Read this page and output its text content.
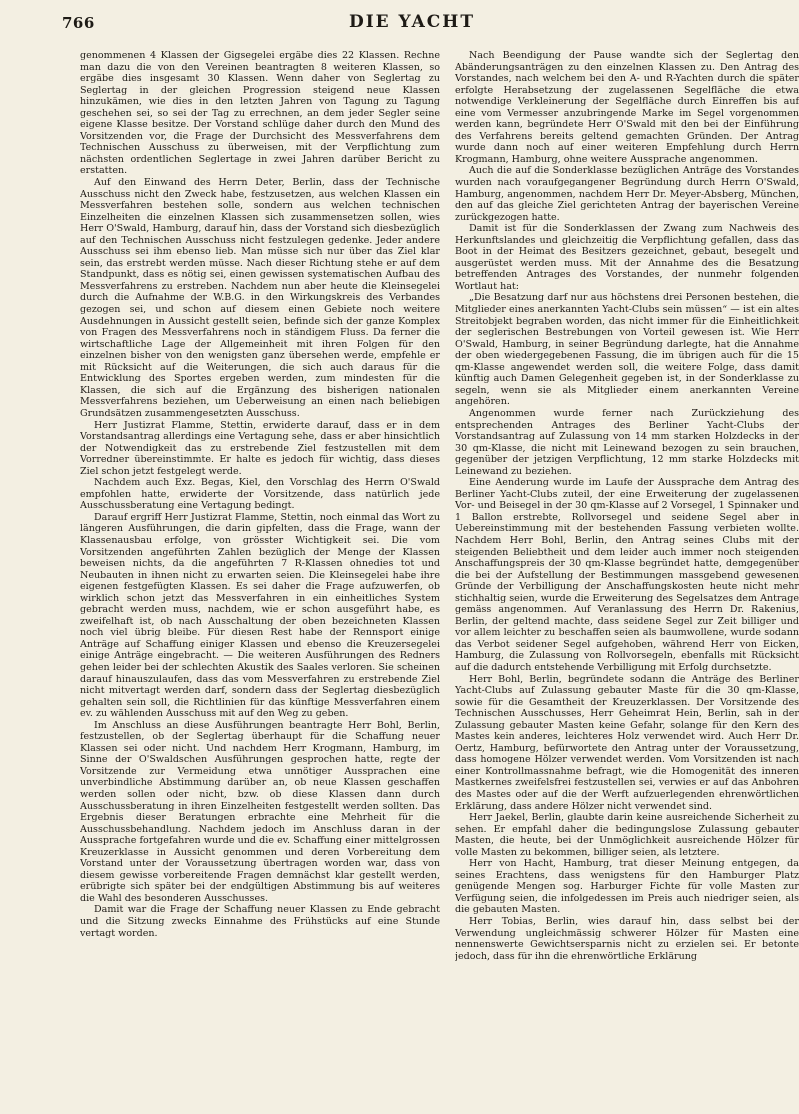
766	DIE YACHT

genommenen 4 Klassen der Gigsegelei ergäbe dies 22 Klassen. Rechne man dazu die von den Vereinen beantragten 8 weiteren Klassen, so ergäbe dies insgesamt 30 Klassen. Wenn daher von Seglertag zu Seglertag in der gleichen Progression steigend neue Klassen hinzukämen, wie dies in den letzten Jahren von Tagung zu Tagung geschehen sei, so sei der Tag zu errechnen, an dem jeder Segler seine eigene Klasse besitze. Der Vorstand schlüge daher durch den Mund des Vorsitzenden vor, die Frage der Durchsicht des Messverfahrens dem Technischen Ausschuss zu überweisen, mit der Verpflichtung zum nächsten ordentlichen Seglertage in zwei Jahren darüber Bericht zu erstatten.

Auf den Einwand des Herrn Deter, Berlin, dass der Technische Ausschuss nicht den Zweck habe, festzusetzen, aus welchen Klassen ein Messverfahren bestehen solle, sondern aus welchen technischen Einzelheiten die einzelnen Klassen sich zusammensetzen sollen, wies Herr O'Swald, Hamburg, darauf hin, dass der Vorstand sich diesbezüglich auf den Technischen Ausschuss nicht festzulegen gedenke. Jeder andere Ausschuss sei ihm ebenso lieb. Man müsse sich nur über das Ziel klar sein, das erstrebt werden müsse. Nach dieser Richtung stehe er auf dem Standpunkt, dass es nötig sei, einen gewissen systematischen Aufbau des Messverfahrens zu erstreben. Nachdem nun aber heute die Kleinsegelei durch die Aufnahme der W.B.G. in den Wirkungskreis des Verbandes gezogen sei, und schon auf diesem einen Gebiete noch weitere Ausdehnungen in Aussicht gestellt seien, befinde sich der ganze Komplex von Fragen des Messverfahrens noch in ständigem Fluss. Da ferner die wirtschaftliche Lage der Allgemeinheit mit ihren Folgen für den einzelnen bisher von den wenigsten ganz übersehen werde, empfehle er mit Rücksicht auf die Weiterungen, die sich auch daraus für die Entwicklung des Sportes ergeben werden, zum mindesten für die Klassen, die sich auf die Ergänzung des bisherigen nationalen Messverfahrens beziehen, um Ueberweisung an einen nach beliebigen Grundsätzen zusammengesetzten Ausschuss.

Herr Justizrat Flamme, Stettin, erwiderte darauf, dass er in dem Vorstandsantrag allerdings eine Vertagung sehe, dass er aber hinsichtlich der Notwendigkeit das zu erstrebende Ziel festzustellen mit dem Vorredner übereinstimmte. Er halte es jedoch für wichtig, dass dieses Ziel schon jetzt festgelegt werde.

Nachdem auch Exz. Begas, Kiel, den Vorschlag des Herrn O'Swald empfohlen hatte, erwiderte der Vorsitzende, dass natürlich jede Ausschussberatung eine Vertagung bedingt.

Darauf ergriff Herr Justizrat Flamme, Stettin, noch einmal das Wort zu längeren Ausführungen, die darin gipfelten, dass die Frage, wann der Klassenausbau erfolge, von grösster Wichtigkeit sei. Die vom Vorsitzenden angeführten Zahlen bezüglich der Menge der Klassen beweisen nichts, da die angeführten 7 R-Klassen ohnedies tot und Neubauten in ihnen nicht zu erwarten seien. Die Kleinsegelei habe ihre eigenen festgefügten Klassen. Es sei daher die Frage aufzuwerfen, ob wirklich schon jetzt das Messverfahren in ein einheitliches System gebracht werden muss, nachdem, wie er schon ausgeführt habe, es zweifelhaft ist, ob nach Ausschaltung der oben bezeichneten Klassen noch viel übrig bleibe. Für diesen Rest habe der Rennsport einige Anträge auf Schaffung einiger Klassen und ebenso die Kreuzersegelei einige Anträge eingebracht. — Die weiteren Ausführungen des Redners gehen leider bei der schlechten Akustik des Saales verloren. Sie scheinen darauf hinauszulaufen, dass das vom Messverfahren zu erstrebende Ziel nicht mitvertagt werden darf, sondern dass der Seglertag diesbezüglich gehalten sein soll, die Richtlinien für das künftige Messverfahren einem ev. zu wählenden Ausschuss mit auf den Weg zu geben.

Im Anschluss an diese Ausführungen beantragte Herr Bohl, Berlin, festzustellen, ob der Seglertag überhaupt für die Schaffung neuer Klassen sei oder nicht. Und nachdem Herr Krogmann, Hamburg, im Sinne der O'Swaldschen Ausführungen gesprochen hatte, regte der Vorsitzende zur Vermeidung etwa unnötiger Aussprachen eine unverbindliche Abstimmung darüber an, ob neue Klassen geschaffen werden sollen oder nicht, bzw. ob diese Klassen dann durch Ausschussberatung in ihren Einzelheiten festgestellt werden sollten. Das Ergebnis dieser Beratungen erbrachte eine Mehrheit für die Ausschussbehandlung. Nachdem jedoch im Anschluss daran in der Aussprache fortgefahren wurde und die ev. Schaffung einer mittelgrossen Kreuzerklasse in Aussicht genommen und deren Vorbereitung dem Vorstand unter der Voraussetzung übertragen worden war, dass von diesem gewisse vorbereitende Fragen demnächst klar gestellt werden, erübrigte sich später bei der endgültigen Abstimmung bis auf weiteres die Wahl des besonderen Ausschusses.

Damit war die Frage der Schaffung neuer Klassen zu Ende gebracht und die Sitzung zwecks Einnahme des Frühstücks auf eine Stunde vertagt worden.

Nach Beendigung der Pause wandte sich der Seglertag den Abänderungsanträgen zu den einzelnen Klassen zu. Den Antrag des Vorstandes, nach welchem bei den A- und R-Yachten durch die später erfolgte Herabsetzung der zugelassenen Segelfläche die etwa notwendige Verkleinerung der Segelfläche durch Einreffen bis auf eine vom Vermesser anzubringende Marke im Segel vorgenommen werden kann, begründete Herr O'Swald mit den bei der Einführung des Verfahrens bereits geltend gemachten Gründen. Der Antrag wurde dann noch auf einer weiteren Empfehlung durch Herrn Krogmann, Hamburg, ohne weitere Aussprache angenommen.

Auch die auf die Sonderklasse bezüglichen Anträge des Vorstandes wurden nach voraufgegangener Begründung durch Herrn O'Swald, Hamburg, angenommen, nachdem Herr Dr. Meyer-Absberg, München, den auf das gleiche Ziel gerichteten Antrag der bayerischen Vereine zurückgezogen hatte.

Damit ist für die Sonderklassen der Zwang zum Nachweis des Herkunftslandes und gleichzeitig die Verpflichtung gefallen, dass das Boot in der Heimat des Besitzers gezeichnet, gebaut, besegelt und ausgerüstet werden muss. Mit der Annahme des die Besatzung betreffenden Antrages des Vorstandes, der nunmehr folgenden Wortlaut hat:

„Die Besatzung darf nur aus höchstens drei Personen bestehen, die Mitglieder eines anerkannten Yacht-Clubs sein müssen“ — ist ein altes Streitobjekt begraben worden, das nicht immer für die Einheitlichkeit der seglerischen Bestrebungen von Vorteil gewesen ist. Wie Herr O'Swald, Hamburg, in seiner Begründung darlegte, hat die Annahme der oben wiedergegebenen Fassung, die im übrigen auch für die 15 qm-Klasse angewendet werden soll, die weitere Folge, dass damit künftig auch Damen Gelegenheit gegeben ist, in der Sonderklasse zu segeln, wenn sie als Mitglieder einem anerkannten Vereine angehören.

Angenommen wurde ferner nach Zurückziehung des entsprechenden Antrages des Berliner Yacht-Clubs der Vorstandsantrag auf Zulassung von 14 mm starken Holzdecks in der 30 qm-Klasse, die nicht mit Leinewand bezogen zu sein brauchen, gegenüber der jetzigen Verpflichtung, 12 mm starke Holzdecks mit Leinewand zu beziehen.

Eine Aenderung wurde im Laufe der Aussprache dem Antrag des Berliner Yacht-Clubs zuteil, der eine Erweiterung der zugelassenen Vor- und Beisegel in der 30 qm-Klasse auf 2 Vorsegel, 1 Spinnaker und 1 Ballon erstrebte, Rollvorsegel und seidene Segel aber in Uebereinstimmung mit der bestehenden Fassung verbieten wollte. Nachdem Herr Bohl, Berlin, den Antrag seines Clubs mit der steigenden Beliebtheit und dem leider auch immer noch steigenden Anschaffungspreis der 30 qm-Klasse begründet hatte, demgegenüber die bei der Aufstellung der Bestimmungen massgebend gewesenen Gründe der Verbilligung der Anschaffungskosten heute nicht mehr stichhaltig seien, wurde die Erweiterung des Segelsatzes dem Antrage gemäss angenommen. Auf Veranlassung des Herrn Dr. Rakenius, Berlin, der geltend machte, dass seidene Segel zur Zeit billiger und vor allem leichter zu beschaffen seien als baumwollene, wurde sodann das Verbot seidener Segel aufgehoben, während Herr von Eicken, Hamburg, die Zulassung von Rollvorsegeln, ebenfalls mit Rücksicht auf die dadurch entstehende Verbilligung mit Erfolg durchsetzte.

Herr Bohl, Berlin, begründete sodann die Anträge des Berliner Yacht-Clubs auf Zulassung gebauter Maste für die 30 qm-Klasse, sowie für die Gesamtheit der Kreuzerklassen. Der Vorsitzende des Technischen Ausschusses, Herr Geheimrat Hein, Berlin, sah in der Zulassung gebauter Masten keine Gefahr, solange für den Kern des Mastes kein anderes, leichteres Holz verwendet wird. Auch Herr Dr. Oertz, Hamburg, befürwortete den Antrag unter der Voraussetzung, dass homogene Hölzer verwendet werden. Vom Vorsitzenden ist nach einer Kontrollmassnahme befragt, wie die Homogenität des inneren Mastkernes zweifelsfrei festzustellen sei, verwies er auf das Anbohren des Mastes oder auf die der Werft aufzuerlegenden ehrenwörtlichen Erklärung, dass andere Hölzer nicht verwendet sind.

Herr Jaekel, Berlin, glaubte darin keine ausreichende Sicherheit zu sehen. Er empfahl daher die bedingungslose Zulassung gebauter Masten, die heute, bei der Unmöglichkeit ausreichende Hölzer für volle Masten zu bekommen, billiger seien, als letztere.

Herr von Hacht, Hamburg, trat dieser Meinung entgegen, da seines Erachtens, dass wenigstens für den Hamburger Platz genügende Mengen sog. Harburger Fichte für volle Masten zur Verfügung seien, die infolgedessen im Preis auch niedriger seien, als die gebauten Masten.

Herr Tobias, Berlin, wies darauf hin, dass selbst bei der Verwendung ungleichmässig schwerer Hölzer für Masten eine nennenswerte Gewichtsersparnis nicht zu erzielen sei. Er betonte jedoch, dass für ihn die ehrenwörtliche Erklärung
